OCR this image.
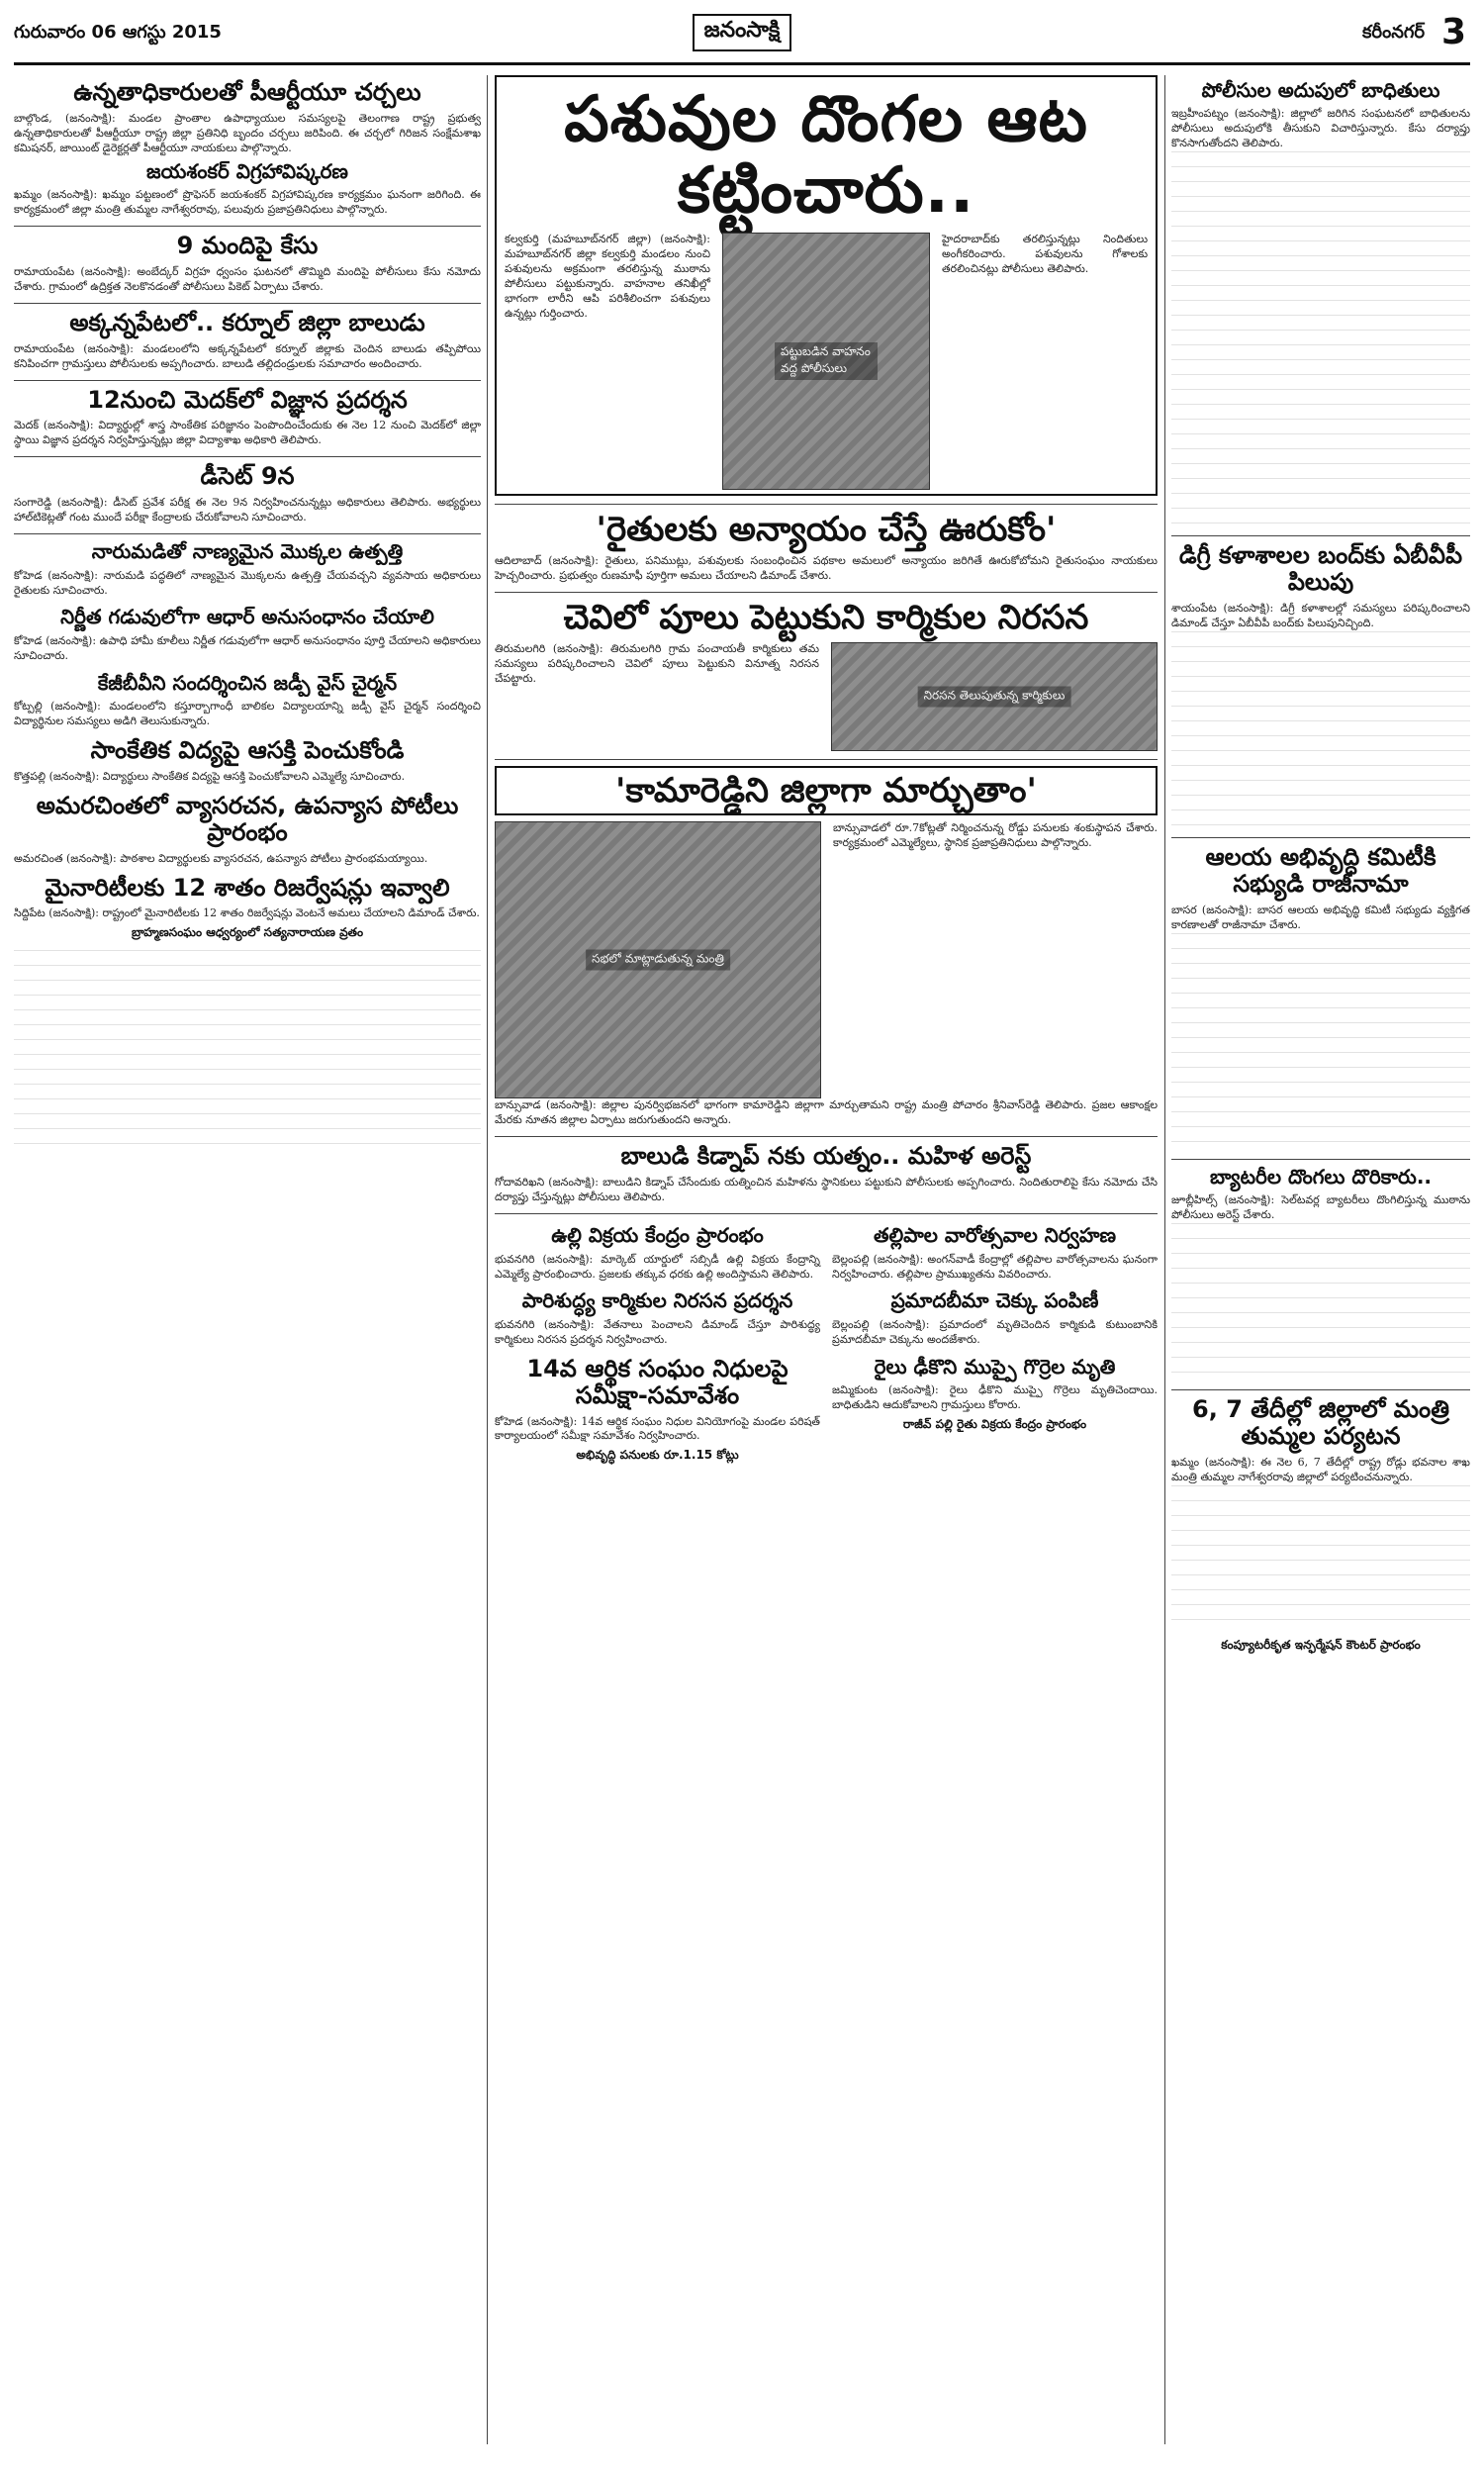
గురువారం 06 ఆగస్టు 2015	జనంసాక్షి	కరీంనగర్ 3
ఉన్నతాధికారులతో పీఆర్టీయూ చర్చలు
బాల్గొండ, (జనంసాక్షి): మండల ప్రాంతాల ఉపాధ్యాయుల సమస్యలపై తెలంగాణ రాష్ట్ర ప్రభుత్వ ఉన్నతాధికారులతో పీఆర్టీయూ రాష్ట్ర జిల్లా ప్రతినిధి బృందం చర్చలు జరిపింది. ఈ చర్చలో గిరిజన సంక్షేమశాఖ కమిషనర్, జాయింట్ డైరెక్టర్లతో పీఆర్టీయూ నాయకులు పాల్గొన్నారు.
జయశంకర్ విగ్రహావిష్కరణ
ఖమ్మం (జనంసాక్షి): ఖమ్మం పట్టణంలో ప్రొఫెసర్ జయశంకర్ విగ్రహావిష్కరణ కార్యక్రమం ఘనంగా జరిగింది. ఈ కార్యక్రమంలో జిల్లా మంత్రి తుమ్మల నాగేశ్వరరావు, పలువురు ప్రజాప్రతినిధులు పాల్గొన్నారు.
9 మందిపై కేసు
రామాయంపేట (జనంసాక్షి): అంబేద్కర్ విగ్రహ ధ్వంసం ఘటనలో తొమ్మిది మందిపై పోలీసులు కేసు నమోదు చేశారు. గ్రామంలో ఉద్రిక్తత నెలకొనడంతో పోలీసులు పికెట్ ఏర్పాటు చేశారు.
అక్కన్నపేటలో.. కర్నూల్ జిల్లా బాలుడు
రామాయంపేట (జనంసాక్షి): మండలంలోని అక్కన్నపేటలో కర్నూల్ జిల్లాకు చెందిన బాలుడు తప్పిపోయి కనిపించగా గ్రామస్తులు పోలీసులకు అప్పగించారు. బాలుడి తల్లిదండ్రులకు సమాచారం అందించారు.
12నుంచి మెదక్‌లో విజ్ఞాన ప్రదర్శన
మెదక్ (జనంసాక్షి): విద్యార్థుల్లో శాస్త్ర సాంకేతిక పరిజ్ఞానం పెంపొందించేందుకు ఈ నెల 12 నుంచి మెదక్‌లో జిల్లా స్థాయి విజ్ఞాన ప్రదర్శన నిర్వహిస్తున్నట్లు జిల్లా విద్యాశాఖ అధికారి తెలిపారు.
డీసెట్ 9న
సంగారెడ్డి (జనంసాక్షి): డీసెట్‌ ప్రవేశ పరీక్ష ఈ నెల 9న నిర్వహించనున్నట్లు అధికారులు తెలిపారు. అభ్యర్థులు హాల్‌టికెట్లతో గంట ముందే పరీక్షా కేంద్రాలకు చేరుకోవాలని సూచించారు.
నారుమడితో నాణ్యమైన మొక్కల ఉత్పత్తి
కోహెడ (జనంసాక్షి): నారుమడి పద్ధతిలో నాణ్యమైన మొక్కలను ఉత్పత్తి చేయవచ్చని వ్యవసాయ అధికారులు రైతులకు సూచించారు.
నిర్ణీత గడువులోగా ఆధార్ అనుసంధానం చేయాలి
కోహెడ (జనంసాక్షి): ఉపాధి హామీ కూలీలు నిర్ణీత గడువులోగా ఆధార్ అనుసంధానం పూర్తి చేయాలని అధికారులు సూచించారు.
కేజీబీవీని సందర్శించిన జడ్పీ వైస్ చైర్మన్
కోట్పల్లి (జనంసాక్షి): మండలంలోని కస్తూర్బాగాంధీ బాలికల విద్యాలయాన్ని జడ్పీ వైస్ చైర్మన్ సందర్శించి విద్యార్థినుల సమస్యలు అడిగి తెలుసుకున్నారు.
సాంకేతిక విద్యపై ఆసక్తి పెంచుకోండి
కొత్తపల్లి (జనంసాక్షి): విద్యార్థులు సాంకేతిక విద్యపై ఆసక్తి పెంచుకోవాలని ఎమ్మెల్యే సూచించారు.
అమరచింతలో వ్యాసరచన, ఉపన్యాస పోటీలు ప్రారంభం
అమరచింత (జనంసాక్షి): పాఠశాల విద్యార్థులకు వ్యాసరచన, ఉపన్యాస పోటీలు ప్రారంభమయ్యాయి.
మైనారిటీలకు 12 శాతం రిజర్వేషన్లు ఇవ్వాలి
సిద్దిపేట (జనంసాక్షి): రాష్ట్రంలో మైనారిటీలకు 12 శాతం రిజర్వేషన్లు వెంటనే అమలు చేయాలని డిమాండ్ చేశారు.
బ్రాహ్మణసంఘం ఆధ్వర్యంలో సత్యనారాయణ వ్రతం
పశువుల దొంగల ఆట కట్టించారు..
కల్వకుర్తి (మహబూబ్‌నగర్ జిల్లా) (జనంసాక్షి): మహబూబ్‌నగర్ జిల్లా కల్వకుర్తి మండలం నుంచి పశువులను అక్రమంగా తరలిస్తున్న ముఠాను పోలీసులు పట్టుకున్నారు. వాహనాల తనిఖీల్లో భాగంగా లారీని ఆపి పరిశీలించగా పశువులు ఉన్నట్లు గుర్తించారు.
పట్టుబడిన వాహనం వద్ద పోలీసులు
హైదరాబాద్‌కు తరలిస్తున్నట్లు నిందితులు అంగీకరించారు. పశువులను గోశాలకు తరలించినట్లు పోలీసులు తెలిపారు.
'రైతులకు అన్యాయం చేస్తే ఊరుకోం'
ఆదిలాబాద్ (జనంసాక్షి): రైతులు, పనిముట్లు, పశువులకు సంబంధించిన పథకాల అమలులో అన్యాయం జరిగితే ఊరుకోబోమని రైతుసంఘం నాయకులు హెచ్చరించారు. ప్రభుత్వం రుణమాఫీ పూర్తిగా అమలు చేయాలని డిమాండ్ చేశారు.
చెవిలో పూలు పెట్టుకుని కార్మికుల నిరసన
తిరుమలగిరి (జనంసాక్షి): తిరుమలగిరి గ్రామ పంచాయతీ కార్మికులు తమ సమస్యలు పరిష్కరించాలని చెవిలో పూలు పెట్టుకుని వినూత్న నిరసన చేపట్టారు.
నిరసన తెలుపుతున్న కార్మికులు
'కామారెడ్డిని జిల్లాగా మార్చుతాం'
సభలో మాట్లాడుతున్న మంత్రి
బాన్సువాడలో రూ.7కోట్లతో నిర్మించనున్న రోడ్డు పనులకు శంకుస్థాపన చేశారు. కార్యక్రమంలో ఎమ్మెల్యేలు, స్థానిక ప్రజాప్రతినిధులు పాల్గొన్నారు.
బాన్సువాడ (జనంసాక్షి): జిల్లాల పునర్విభజనలో భాగంగా కామారెడ్డిని జిల్లాగా మార్చుతామని రాష్ట్ర మంత్రి పోచారం శ్రీనివాస్‌రెడ్డి తెలిపారు. ప్రజల ఆకాంక్షల మేరకు నూతన జిల్లాల ఏర్పాటు జరుగుతుందని అన్నారు.
బాలుడి కిడ్నాప్ నకు యత్నం.. మహిళ అరెస్ట్
గోదావరిఖని (జనంసాక్షి): బాలుడిని కిడ్నాప్ చేసేందుకు యత్నించిన మహిళను స్థానికులు పట్టుకుని పోలీసులకు అప్పగించారు. నిందితురాలిపై కేసు నమోదు చేసి దర్యాప్తు చేస్తున్నట్లు పోలీసులు తెలిపారు.
ఉల్లి విక్రయ కేంద్రం ప్రారంభం
భువనగిరి (జనంసాక్షి): మార్కెట్ యార్డులో సబ్సిడీ ఉల్లి విక్రయ కేంద్రాన్ని ఎమ్మెల్యే ప్రారంభించారు. ప్రజలకు తక్కువ ధరకు ఉల్లి అందిస్తామని తెలిపారు.
పారిశుద్ధ్య కార్మికుల నిరసన ప్రదర్శన
భువనగిరి (జనంసాక్షి): వేతనాలు పెంచాలని డిమాండ్ చేస్తూ పారిశుద్ధ్య కార్మికులు నిరసన ప్రదర్శన నిర్వహించారు.
14వ ఆర్థిక సంఘం నిధులపై సమీక్షా-సమావేశం
కోహెడ (జనంసాక్షి): 14వ ఆర్థిక సంఘం నిధుల వినియోగంపై మండల పరిషత్ కార్యాలయంలో సమీక్షా సమావేశం నిర్వహించారు.
అభివృద్ధి పనులకు రూ.1.15 కోట్లు
తల్లిపాల వారోత్సవాల నిర్వహణ
బెల్లంపల్లి (జనంసాక్షి): అంగన్‌వాడీ కేంద్రాల్లో తల్లిపాల వారోత్సవాలను ఘనంగా నిర్వహించారు. తల్లిపాల ప్రాముఖ్యతను వివరించారు.
ప్రమాదబీమా చెక్కు పంపిణీ
బెల్లంపల్లి (జనంసాక్షి): ప్రమాదంలో మృతిచెందిన కార్మికుడి కుటుంబానికి ప్రమాదబీమా చెక్కును అందజేశారు.
రైలు ఢీకొని ముప్పై గొర్రెల మృతి
జమ్మికుంట (జనంసాక్షి): రైలు ఢీకొని ముప్పై గొర్రెలు మృతిచెందాయి. బాధితుడిని ఆదుకోవాలని గ్రామస్తులు కోరారు.
రాజీవ్ పల్లి రైతు విక్రయ కేంద్రం ప్రారంభం
పోలీసుల అదుపులో బాధితులు
ఇబ్రహీంపట్నం (జనంసాక్షి): జిల్లాలో జరిగిన సంఘటనలో బాధితులను పోలీసులు అదుపులోకి తీసుకుని విచారిస్తున్నారు. కేసు దర్యాప్తు కొనసాగుతోందని తెలిపారు.
డిగ్రీ కళాశాలల బంద్‌కు ఏబీవీపీ పిలుపు
శాయంపేట (జనంసాక్షి): డిగ్రీ కళాశాలల్లో సమస్యలు పరిష్కరించాలని డిమాండ్ చేస్తూ ఏబీవీపీ బంద్‌కు పిలుపునిచ్చింది.
ఆలయ అభివృద్ధి కమిటీకి సభ్యుడి రాజీనామా
బాసర (జనంసాక్షి): బాసర ఆలయ అభివృద్ధి కమిటీ సభ్యుడు వ్యక్తిగత కారణాలతో రాజీనామా చేశారు.
బ్యాటరీల దొంగలు దొరికారు..
జూబ్లీహిల్స్ (జనంసాక్షి): సెల్‌టవర్ల బ్యాటరీలు దొంగిలిస్తున్న ముఠాను పోలీసులు అరెస్ట్ చేశారు.
6, 7 తేదీల్లో జిల్లాలో మంత్రి తుమ్మల పర్యటన
ఖమ్మం (జనంసాక్షి): ఈ నెల 6, 7 తేదీల్లో రాష్ట్ర రోడ్లు భవనాల శాఖ మంత్రి తుమ్మల నాగేశ్వరరావు జిల్లాలో పర్యటించనున్నారు.
కంప్యూటరీకృత ఇన్ఫర్మేషన్ కౌంటర్ ప్రారంభం
